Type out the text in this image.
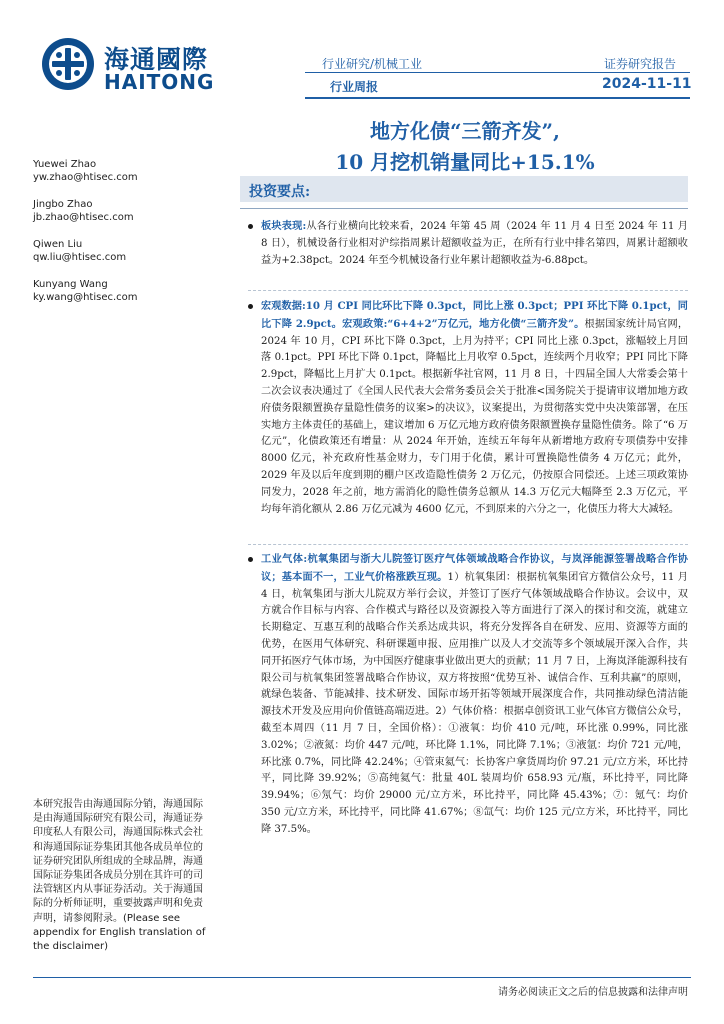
海通國際
HAITONG
行业研究/机械工业
行业周报
证券研究报告
2024-11-11
地方化债“三箭齐发”,
10 月挖机销量同比+15.1%
Yuewei Zhao
yw.zhao@htisec.com
Jingbo Zhao
jb.zhao@htisec.com
Qiwen Liu
qw.liu@htisec.com
Kunyang Wang
ky.wang@htisec.com
投资要点:
板块表现:从各行业横向比较来看，2024 年第 45 周（2024 年 11 月 4 日至 2024 年 11 月 8 日），机械设备行业相对沪综指周累计超额收益为正，在所有行业中排名第四，周累计超额收益为+2.38pct。2024 年至今机械设备行业年累计超额收益为-6.88pct。
宏观数据:10 月 CPI 同比环比下降 0.3pct，同比上涨 0.3pct；PPI 环比下降 0.1pct，同比下降 2.9pct。宏观政策:“6+4+2”万亿元，地方化债“三箭齐发”。根据国家统计局官网，2024 年 10 月，CPI 环比下降 0.3pct，上月为持平；CPI 同比上涨 0.3pct，涨幅较上月回落 0.1pct。PPI 环比下降 0.1pct，降幅比上月收窄 0.5pct，连续两个月收窄；PPI 同比下降 2.9pct，降幅比上月扩大 0.1pct。根据新华社官网，11 月 8 日，十四届全国人大常委会第十二次会议表决通过了《全国人民代表大会常务委员会关于批准<国务院关于提请审议增加地方政府债务限额置换存量隐性债务的议案>的决议》，议案提出，为贯彻落实党中央决策部署，在压实地方主体责任的基础上，建议增加 6 万亿元地方政府债务限额置换存量隐性债务。除了“6 万亿元”，化债政策还有增量：从 2024 年开始，连续五年每年从新增地方政府专项债券中安排 8000 亿元，补充政府性基金财力，专门用于化债，累计可置换隐性债务 4 万亿元；此外，2029 年及以后年度到期的棚户区改造隐性债务 2 万亿元，仍按原合同偿还。上述三项政策协同发力，2028 年之前，地方需消化的隐性债务总额从 14.3 万亿元大幅降至 2.3 万亿元，平均每年消化额从 2.86 万亿元减为 4600 亿元，不到原来的六分之一，化债压力将大大减轻。
工业气体:杭氧集团与浙大儿院签订医疗气体领域战略合作协议，与岚泽能源签署战略合作协议；基本面不一，工业气价格涨跌互现。1）杭氧集团：根据杭氧集团官方微信公众号，11 月 4 日，杭氧集团与浙大儿院双方举行会议，并签订了医疗气体领域战略合作协议。会议中，双方就合作目标与内容、合作模式与路径以及资源投入等方面进行了深入的探讨和交流，就建立长期稳定、互惠互利的战略合作关系达成共识，将充分发挥各自在研发、应用、资源等方面的优势，在医用气体研究、科研课题申报、应用推广以及人才交流等多个领域展开深入合作，共同开拓医疗气体市场，为中国医疗健康事业做出更大的贡献；11 月 7 日，上海岚泽能源科技有限公司与杭氧集团签署战略合作协议，双方将按照“优势互补、诚信合作、互利共赢”的原则，就绿色装备、节能减排、技术研发、国际市场开拓等领域开展深度合作，共同推动绿色清洁能源技术开发及应用向价值链高端迈进。2）气体价格：根据卓创资讯工业气体官方微信公众号，截至本周四（11 月 7 日，全国价格）：①液氧：均价 410 元/吨，环比涨 0.99%，同比涨 3.02%；②液氮：均价 447 元/吨，环比降 1.1%，同比降 7.1%；③液氩：均价 721 元/吨，环比涨 0.7%，同比降 42.24%；④管束氦气：长协客户拿货周均价 97.21 元/立方米，环比持平，同比降 39.92%；⑤高纯氦气：批量 40L 装周均价 658.93 元/瓶，环比持平，同比降 39.94%；⑥氖气：均价 29000 元/立方米，环比持平，同比降 45.43%；⑦：氪气：均价 350 元/立方米，环比持平，同比降 41.67%；⑧氙气：均价 125 元/立方米，环比持平，同比降 37.5%。
本研究报告由海通国际分销，海通国际是由海通国际研究有限公司，海通证券印度私人有限公司，海通国际株式会社和海通国际证券集团其他各成员单位的证券研究团队所组成的全球品牌，海通国际证券集团各成员分别在其许可的司法管辖区内从事证券活动。关于海通国际的分析师证明，重要披露声明和免责声明，请参阅附录。(Please see appendix for English translation of the disclaimer)
请务必阅读正文之后的信息披露和法律声明
